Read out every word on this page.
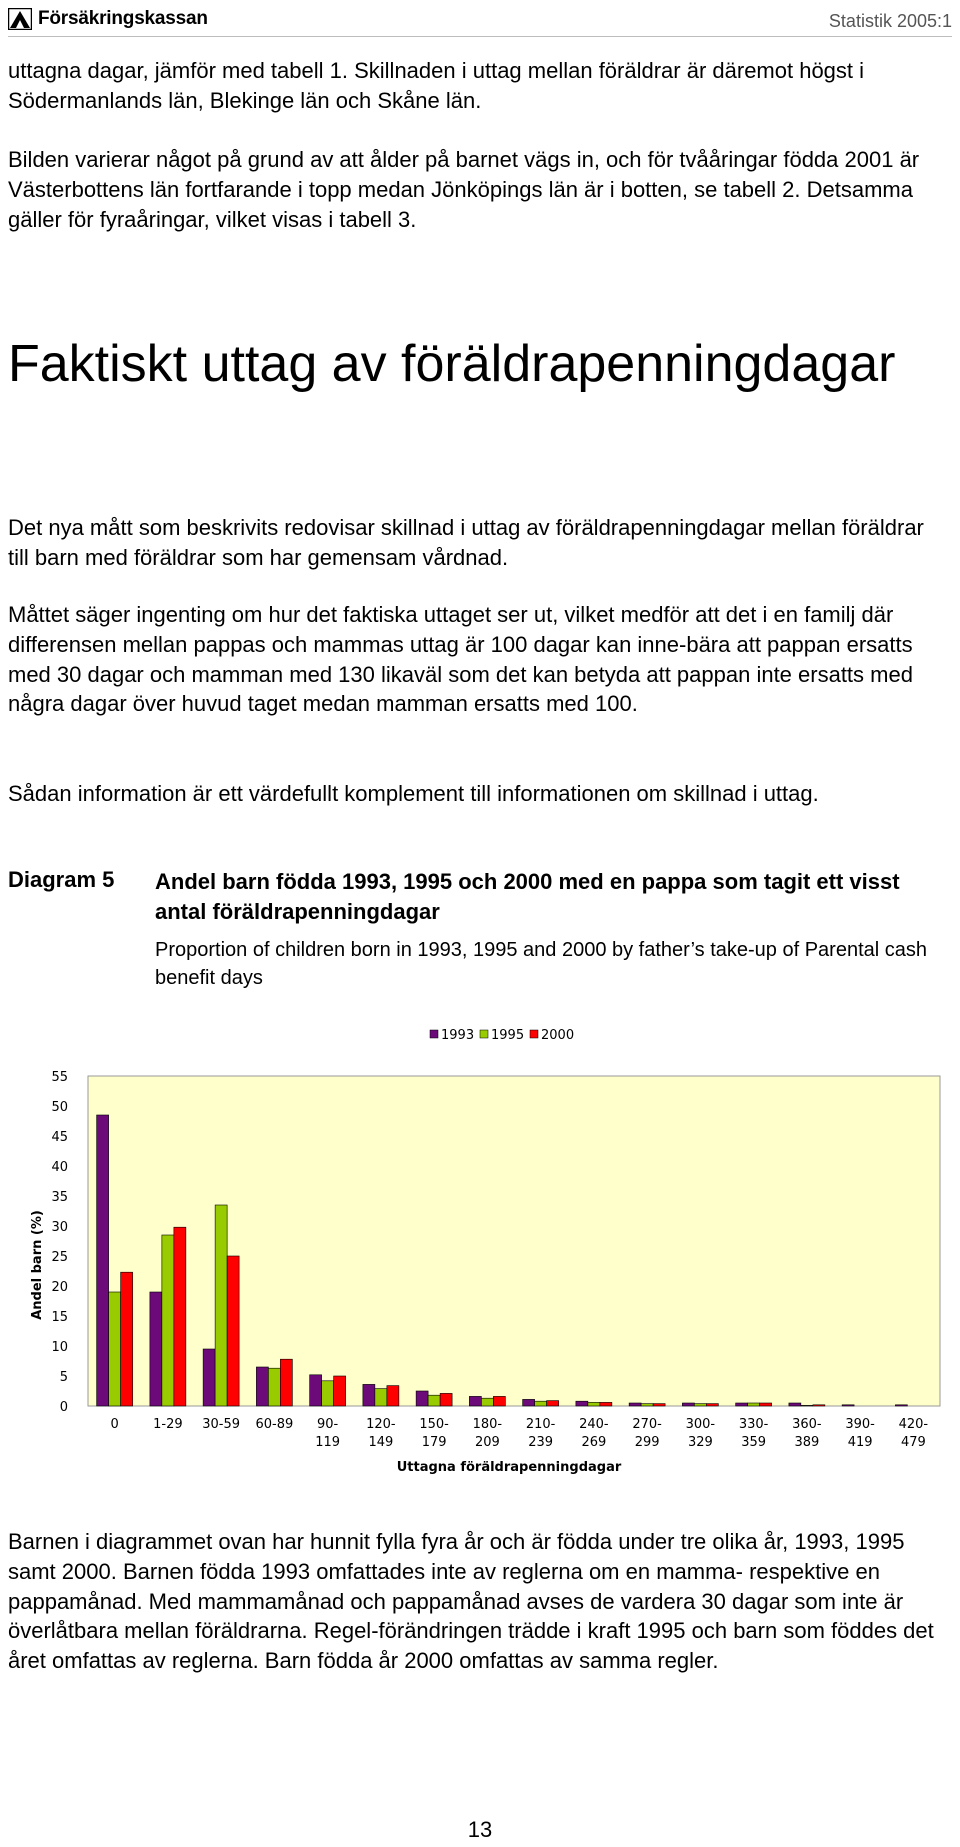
Försäkringskassan	Statistik 2005:1

uttagna dagar, jämför med tabell 1. Skillnaden i uttag mellan föräldrar är däremot högst i Södermanlands län, Blekinge län och Skåne län.

Bilden varierar något på grund av att ålder på barnet vägs in, och för tvååringar födda 2001 är Västerbottens län fortfarande i topp medan Jönköpings län är i botten, se tabell 2. Detsamma gäller för fyraåringar, vilket visas i tabell 3.

Faktiskt uttag av föräldrapenningdagar

Det nya mått som beskrivits redovisar skillnad i uttag av föräldrapenningdagar mellan föräldrar till barn med föräldrar som har gemensam vårdnad.

Måttet säger ingenting om hur det faktiska uttaget ser ut, vilket medför att det i en familj där differensen mellan pappas och mammas uttag är 100 dagar kan inne-bära att pappan ersatts med 30 dagar och mamman med 130 likaväl som det kan betyda att pappan inte ersatts med några dagar över huvud taget medan mamman ersatts med 100.

Sådan information är ett värdefullt komplement till informationen om skillnad i uttag.

Diagram 5 Andel barn födda 1993, 1995 och 2000 med en pappa som tagit ett visst antal föräldrapenningdagar

Proportion of children born in 1993, 1995 and 2000 by father’s take-up of Parental cash benefit days

0
5
10
15
20
25
30
35
40
45
50
55
Andel barn (%)
0	1-29 30-59 60-89 90-
119
120-
149
150-
179
180-
209
210-
239
240-
269
270-
299
300-
329
330-
359
360-
389
390-
419
420-
479
Uttagna föräldrapenningdagar
1993 1995 2000

Barnen i diagrammet ovan har hunnit fylla fyra år och är födda under tre olika år, 1993, 1995 samt 2000. Barnen födda 1993 omfattades inte av reglerna om en mamma- respektive en pappamånad. Med mammamånad och pappamånad avses de vardera 30 dagar som inte är överlåtbara mellan föräldrarna. Regel-förändringen trädde i kraft 1995 och barn som föddes det året omfattas av reglerna. Barn födda år 2000 omfattas av samma regler.

13
